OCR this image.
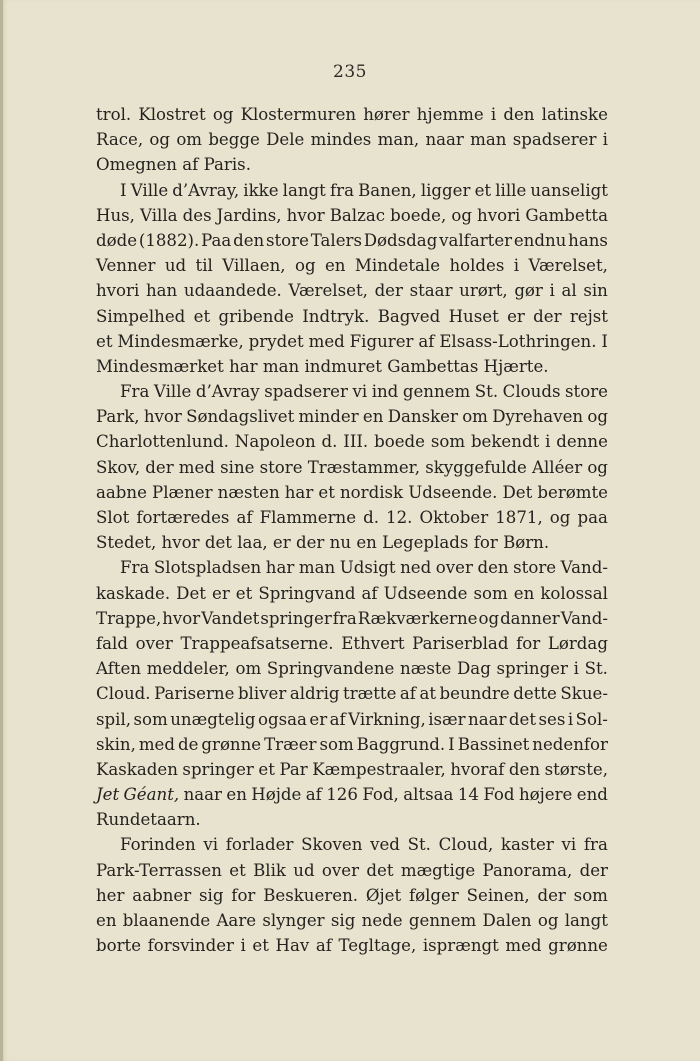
235
trol. Klostret og Klostermuren hører hjemme i den latinske
Race, og om begge Dele mindes man, naar man spadserer i
Omegnen af Paris.
I Ville d’Avray, ikke langt fra Banen, ligger et lille uanseligt
Hus, Villa des Jardins, hvor Balzac boede, og hvori Gambetta
døde (1882). Paa den store Talers Dødsdag valfarter endnu hans
Venner ud til Villaen, og en Mindetale holdes i Værelset,
hvori han udaandede. Værelset, der staar urørt, gør i al sin
Simpelhed et gribende Indtryk. Bagved Huset er der rejst
et Mindesmærke, prydet med Figurer af Elsass-Lothringen. I
Mindesmærket har man indmuret Gambettas Hjærte.
Fra Ville d’Avray spadserer vi ind gennem St. Clouds store
Park, hvor Søndagslivet minder en Dansker om Dyrehaven og
Charlottenlund. Napoleon d. III. boede som bekendt i denne
Skov, der med sine store Træstammer, skyggefulde Alléer og
aabne Plæner næsten har et nordisk Udseende. Det berømte
Slot fortæredes af Flammerne d. 12. Oktober 1871, og paa
Stedet, hvor det laa, er der nu en Legeplads for Børn.
Fra Slotspladsen har man Udsigt ned over den store Vand-
kaskade. Det er et Springvand af Udseende som en kolossal
Trappe, hvor Vandet springer fra Rækværkerne og danner Vand-
fald over Trappeafsatserne. Ethvert Pariserblad for Lørdag
Aften meddeler, om Springvandene næste Dag springer i St.
Cloud. Pariserne bliver aldrig trætte af at beundre dette Skue-
spil, som unægtelig ogsaa er af Virkning, især naar det ses i Sol-
skin, med de grønne Træer som Baggrund. I Bassinet nedenfor
Kaskaden springer et Par Kæmpestraaler, hvoraf den største,
Jet Géant, naar en Højde af 126 Fod, altsaa 14 Fod højere end
Rundetaarn.
Forinden vi forlader Skoven ved St. Cloud, kaster vi fra
Park-Terrassen et Blik ud over det mægtige Panorama, der
her aabner sig for Beskueren. Øjet følger Seinen, der som
en blaanende Aare slynger sig nede gennem Dalen og langt
borte forsvinder i et Hav af Tegltage, isprængt med grønne
